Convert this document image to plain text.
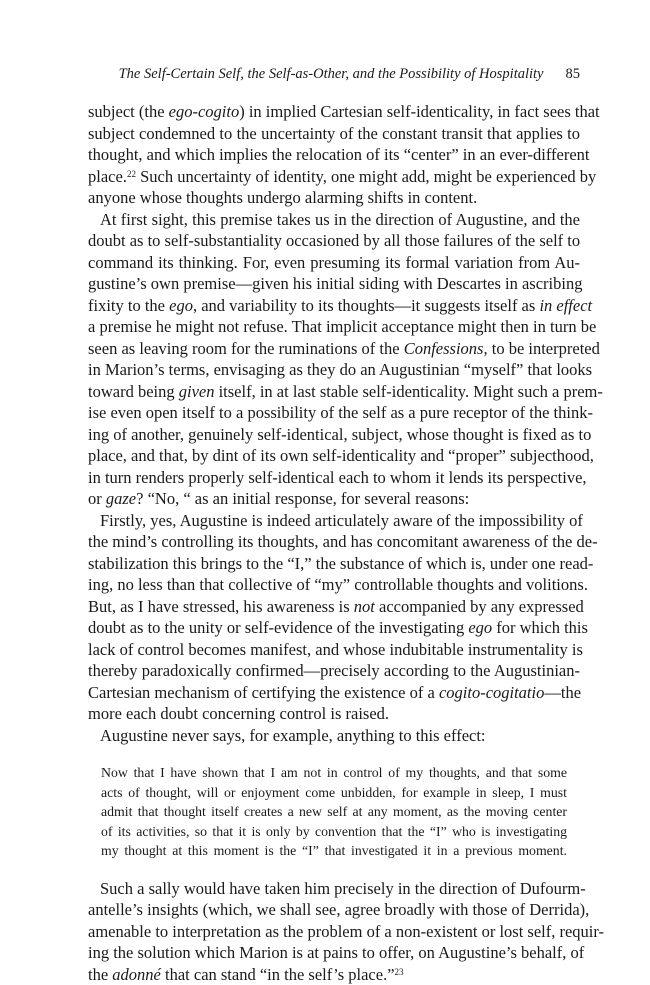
The Self-Certain Self, the Self-as-Other, and the Possibility of Hospitality 85
subject (the ego-cogito) in implied Cartesian self-identicality, in fact sees that
subject condemned to the uncertainty of the constant transit that applies to
thought, and which implies the relocation of its “center” in an ever-different
place.$^{22}$ Such uncertainty of identity, one might add, might be experienced by
anyone whose thoughts undergo alarming shifts in content.
At first sight, this premise takes us in the direction of Augustine, and the
doubt as to self-substantiality occasioned by all those failures of the self to
command its thinking. For, even presuming its formal variation from Au-
gustine’s own premise—given his initial siding with Descartes in ascribing
fixity to the ego, and variability to its thoughts—it suggests itself as in effect
a premise he might not refuse. That implicit acceptance might then in turn be
seen as leaving room for the ruminations of the Confessions, to be interpreted
in Marion’s terms, envisaging as they do an Augustinian “myself” that looks
toward being given itself, in at last stable self-identicality. Might such a prem-
ise even open itself to a possibility of the self as a pure receptor of the think-
ing of another, genuinely self-identical, subject, whose thought is fixed as to
place, and that, by dint of its own self-identicality and “proper” subjecthood,
in turn renders properly self-identical each to whom it lends its perspective,
or gaze? “No, “ as an initial response, for several reasons:
Firstly, yes, Augustine is indeed articulately aware of the impossibility of
the mind’s controlling its thoughts, and has concomitant awareness of the de-
stabilization this brings to the “I,” the substance of which is, under one read-
ing, no less than that collective of “my” controllable thoughts and volitions.
But, as I have stressed, his awareness is not accompanied by any expressed
doubt as to the unity or self-evidence of the investigating ego for which this
lack of control becomes manifest, and whose indubitable instrumentality is
thereby paradoxically confirmed—precisely according to the Augustinian-
Cartesian mechanism of certifying the existence of a cogito-cogitatio—the
more each doubt concerning control is raised.
Augustine never says, for example, anything to this effect:
Now that I have shown that I am not in control of my thoughts, and that some
acts of thought, will or enjoyment come unbidden, for example in sleep, I must
admit that thought itself creates a new self at any moment, as the moving center
of its activities, so that it is only by convention that the “I” who is investigating
my thought at this moment is the “I” that investigated it in a previous moment.
Such a sally would have taken him precisely in the direction of Dufourm-
antelle’s insights (which, we shall see, agree broadly with those of Derrida),
amenable to interpretation as the problem of a non-existent or lost self, requir-
ing the solution which Marion is at pains to offer, on Augustine’s behalf, of
the adonné that can stand “in the self’s place.”$^{23}$
